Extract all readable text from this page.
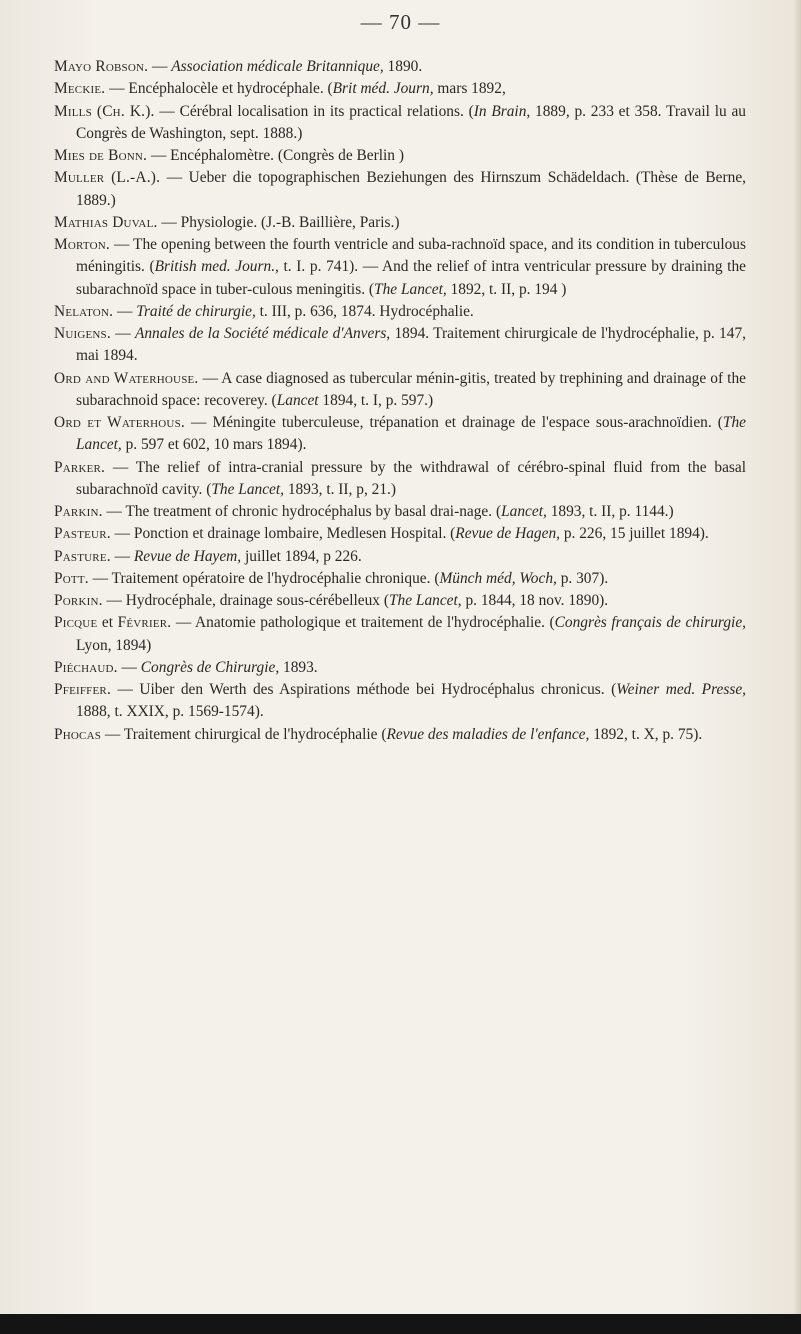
— 70 —

Mayo Robson. — Association médicale Britannique, 1890.

Meckie. — Encéphalocèle et hydrocéphale. (Brit méd. Journ, mars 1892,

Mills (Ch. K.). — Cérébral localisation in its practical relations. (In Brain, 1889, p. 233 et 358. Travail lu au Congrès de Washington, sept. 1888.)

Mies de Bonn. — Encéphalomètre. (Congrès de Berlin )

Muller (L.-A.). — Ueber die topographischen Beziehungen des Hirnszum Schädeldach. (Thèse de Berne, 1889.)

Mathias Duval. — Physiologie. (J.-B. Baillière, Paris.)

Morton. — The opening between the fourth ventricle and suba-rachnoïd space, and its condition in tuberculous méningitis. (British med. Journ., t. I. p. 741). — And the relief of intra ventricular pressure by draining the subarachnoïd space in tuber-culous meningitis. (The Lancet, 1892, t. II, p. 194 )

Nelaton. — Traité de chirurgie, t. III, p. 636, 1874. Hydrocéphalie.

Nuigens. — Annales de la Société médicale d'Anvers, 1894. Traitement chirurgicale de l'hydrocéphalie, p. 147, mai 1894.

Ord and Waterhouse. — A case diagnosed as tubercular ménin-gitis, treated by trephining and drainage of the subarachnoid space: recoverey. (Lancet 1894, t. I, p. 597.)

Ord et Waterhous. — Méningite tuberculeuse, trépanation et drainage de l'espace sous-arachnoïdien. (The Lancet, p. 597 et 602, 10 mars 1894).

Parker. — The relief of intra-cranial pressure by the withdrawal of cérébro-spinal fluid from the basal subarachnoïd cavity. (The Lancet, 1893, t. II, p, 21.)

Parkin. — The treatment of chronic hydrocéphalus by basal drai-nage. (Lancet, 1893, t. II, p. 1144.)

Pasteur. — Ponction et drainage lombaire, Medlesen Hospital. (Revue de Hagen, p. 226, 15 juillet 1894).

Pasture. — Revue de Hayem, juillet 1894, p 226.

Pott. — Traitement opératoire de l'hydrocéphalie chronique. (Münch méd, Woch, p. 307).

Porkin. — Hydrocéphale, drainage sous-cérébelleux (The Lancet, p. 1844, 18 nov. 1890).

Picque et Février. — Anatomie pathologique et traitement de l'hydrocéphalie. (Congrès français de chirurgie, Lyon, 1894)

Piéchaud. — Congrès de Chirurgie, 1893.

Pfeiffer. — Uiber den Werth des Aspirations méthode bei Hydrocéphalus chronicus. (Weiner med. Presse, 1888, t. XXIX, p. 1569-1574).

Phocas — Traitement chirurgical de l'hydrocéphalie (Revue des maladies de l'enfance, 1892, t. X, p. 75).
